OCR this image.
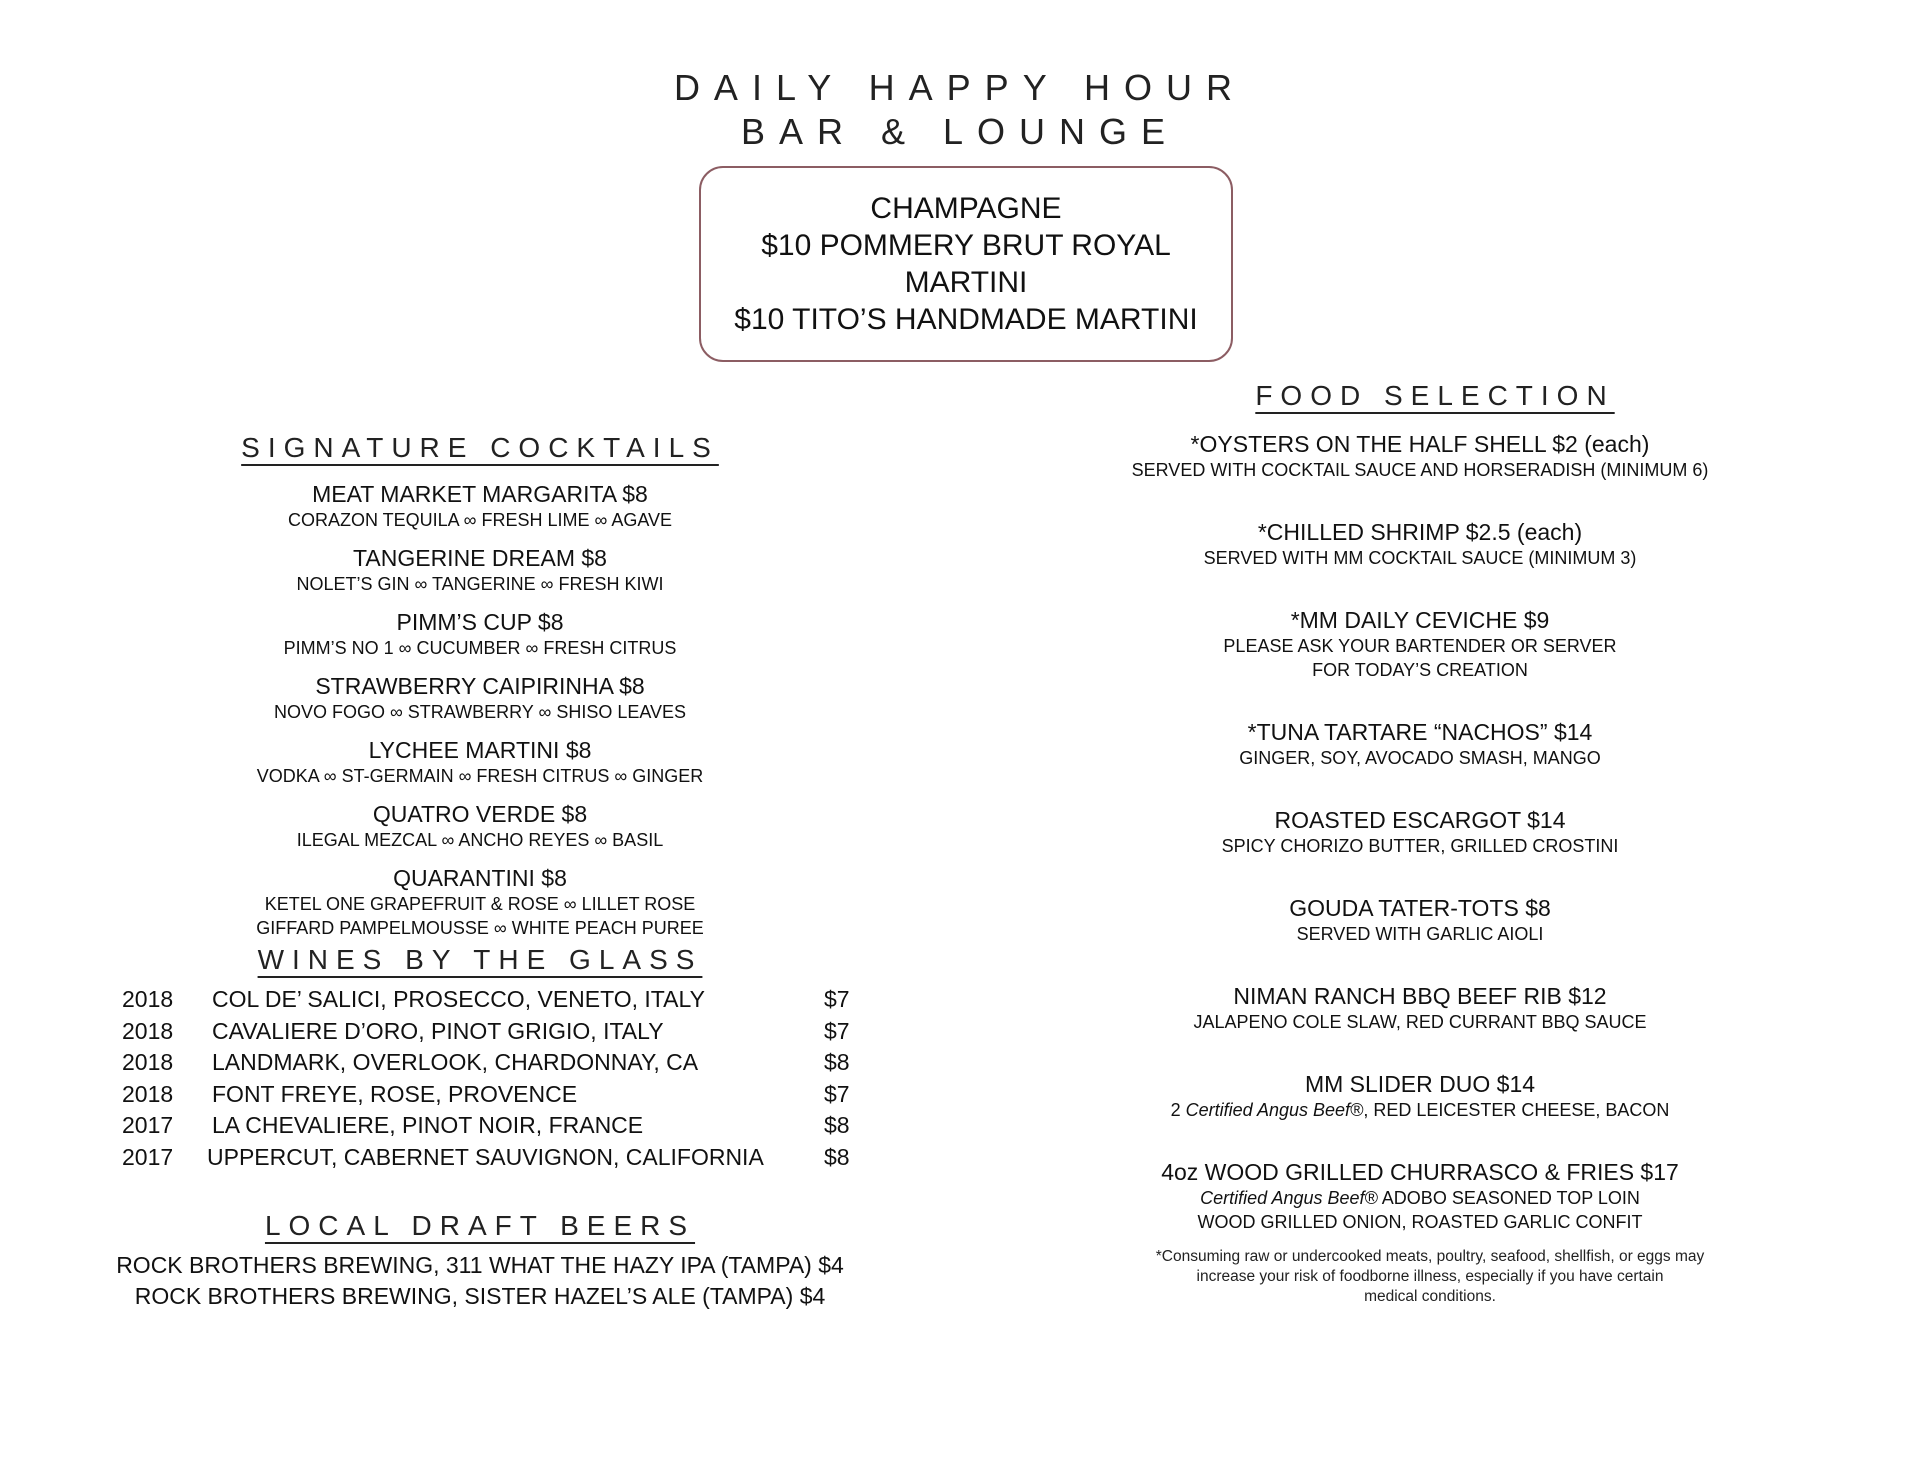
DAILY HAPPY HOUR
BAR & LOUNGE
CHAMPAGNE
$10 POMMERY BRUT ROYAL
MARTINI
$10 TITO’S HANDMADE MARTINI
SIGNATURE COCKTAILS
MEAT MARKET MARGARITA $8
CORAZON TEQUILA ∞ FRESH LIME ∞ AGAVE
TANGERINE DREAM $8
NOLET’S GIN ∞ TANGERINE ∞ FRESH KIWI
PIMM’S CUP $8
PIMM’S NO 1 ∞ CUCUMBER ∞ FRESH CITRUS
STRAWBERRY CAIPIRINHA $8
NOVO FOGO ∞ STRAWBERRY ∞ SHISO LEAVES
LYCHEE MARTINI $8
VODKA ∞ ST-GERMAIN ∞ FRESH CITRUS ∞ GINGER
QUATRO VERDE $8
ILEGAL MEZCAL ∞ ANCHO REYES ∞ BASIL
QUARANTINI $8
KETEL ONE GRAPEFRUIT & ROSE ∞ LILLET ROSE
GIFFARD PAMPELMOUSSE ∞ WHITE PEACH PUREE
WINES BY THE GLASS
2018 COL DE’ SALICI, PROSECCO, VENETO, ITALY	$7
2018 CAVALIERE D’ORO, PINOT GRIGIO, ITALY	$7
2018 LANDMARK, OVERLOOK, CHARDONNAY, CA	$8
2018 FONT FREYE, ROSE, PROVENCE	$7
2017 LA CHEVALIERE, PINOT NOIR, FRANCE	$8
2017 UPPERCUT, CABERNET SAUVIGNON, CALIFORNIA	$8
LOCAL DRAFT BEERS
ROCK BROTHERS BREWING, 311 WHAT THE HAZY IPA (TAMPA) $4
ROCK BROTHERS BREWING, SISTER HAZEL’S ALE (TAMPA) $4
FOOD SELECTION
*OYSTERS ON THE HALF SHELL $2 (each)
SERVED WITH COCKTAIL SAUCE AND HORSERADISH (MINIMUM 6)
*CHILLED SHRIMP $2.5 (each)
SERVED WITH MM COCKTAIL SAUCE (MINIMUM 3)
*MM DAILY CEVICHE $9
PLEASE ASK YOUR BARTENDER OR SERVER
FOR TODAY’S CREATION
*TUNA TARTARE “NACHOS” $14
GINGER, SOY, AVOCADO SMASH, MANGO
ROASTED ESCARGOT $14
SPICY CHORIZO BUTTER, GRILLED CROSTINI
GOUDA TATER-TOTS $8
SERVED WITH GARLIC AIOLI
NIMAN RANCH BBQ BEEF RIB $12
JALAPENO COLE SLAW, RED CURRANT BBQ SAUCE
MM SLIDER DUO $14
2 Certified Angus Beef®, RED LEICESTER CHEESE, BACON
4oz WOOD GRILLED CHURRASCO & FRIES $17
Certified Angus Beef® ADOBO SEASONED TOP LOIN
WOOD GRILLED ONION, ROASTED GARLIC CONFIT
*Consuming raw or undercooked meats, poultry, seafood, shellfish, or eggs may
increase your risk of foodborne illness, especially if you have certain
medical conditions.
